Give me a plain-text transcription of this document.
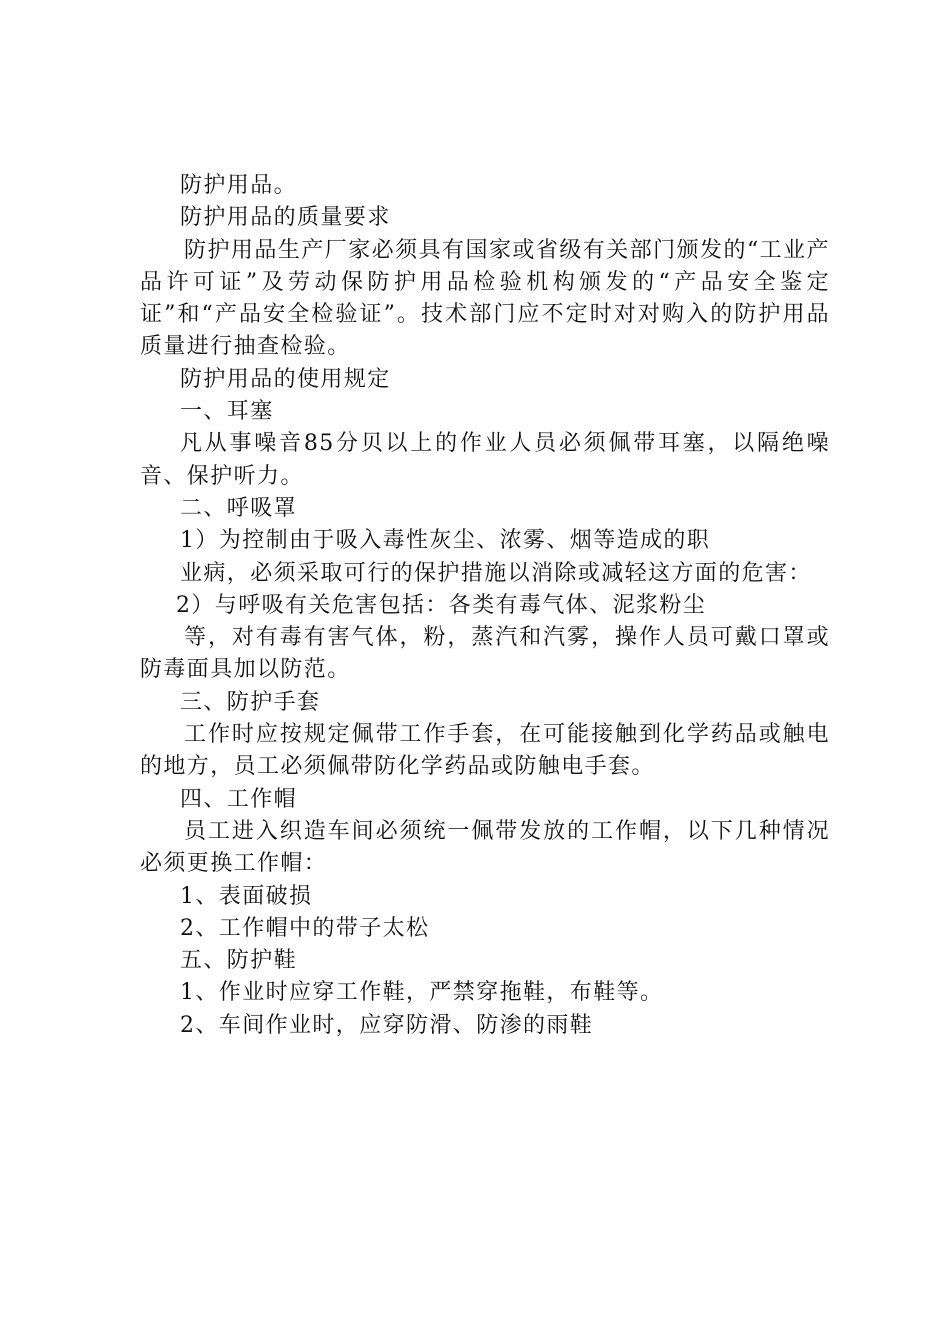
防护用品。

防护用品的质量要求

防护用品生产厂家必须具有国家或省级有关部门颁发的“工业产品许可证”及劳动保防护用品检验机构颁发的“产品安全鉴定证”和“产品安全检验证”。技术部门应不定时对对购入的防护用品质量进行抽查检验。

防护用品的使用规定

一、耳塞

凡从事噪音85分贝以上的作业人员必须佩带耳塞，以隔绝噪音、保护听力。

二、呼吸罩

1）为控制由于吸入毒性灰尘、浓雾、烟等造成的职

业病，必须采取可行的保护措施以消除或减轻这方面的危害：

2）与呼吸有关危害包括：各类有毒气体、泥浆粉尘

等，对有毒有害气体，粉，蒸汽和汽雾，操作人员可戴口罩或防毒面具加以防范。

三、防护手套

工作时应按规定佩带工作手套，在可能接触到化学药品或触电的地方，员工必须佩带防化学药品或防触电手套。

四、工作帽

员工进入织造车间必须统一佩带发放的工作帽，以下几种情况必须更换工作帽：

1、表面破损

2、工作帽中的带子太松

五、防护鞋

1、作业时应穿工作鞋，严禁穿拖鞋，布鞋等。

2、车间作业时，应穿防滑、防渗的雨鞋
